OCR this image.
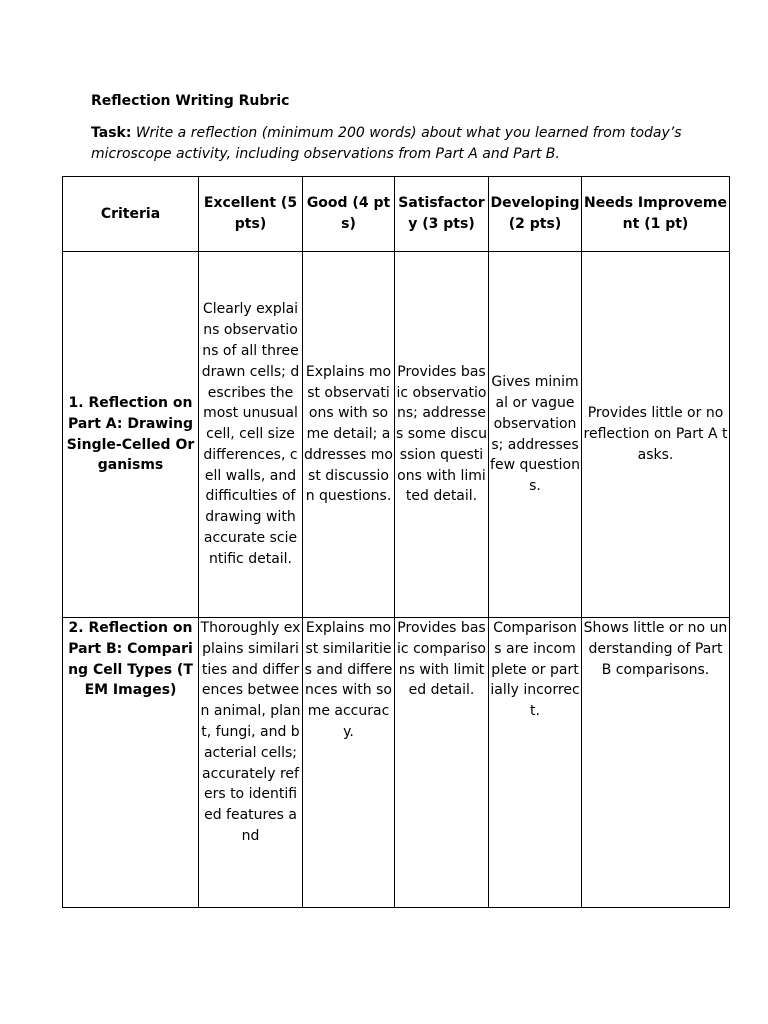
Reflection Writing Rubric
Task: Write a reflection (minimum 200 words) about what you learned from today’s microscope activity, including observations from Part A and Part B.
Criteria	Excellent (5 pts)	Good (4 pts)	Satisfactory (3 pts)	Developing (2 pts)	Needs Improvement (1 pt)
1. Reflection on Part A: Drawing Single-Celled Organisms	Clearly explains observations of all three drawn cells; describes the most unusual cell, cell size differences, cell walls, and difficulties of drawing with accurate scientific detail.	Explains most observations with some detail; addresses most discussion questions.	Provides basic observations; addresses some discussion questions with limited detail.	Gives minimal or vague observations; addresses few questions.	Provides little or no reflection on Part A tasks.
2. Reflection on Part B: Comparing Cell Types (TEM Images)	Thoroughly explains similarities and differences between animal, plant, fungi, and bacterial cells; accurately refers to identified features and	Explains most similarities and differences with some accuracy.	Provides basic comparisons with limited detail.	Comparisons are incomplete or partially incorrect.	Shows little or no understanding of Part B comparisons.
